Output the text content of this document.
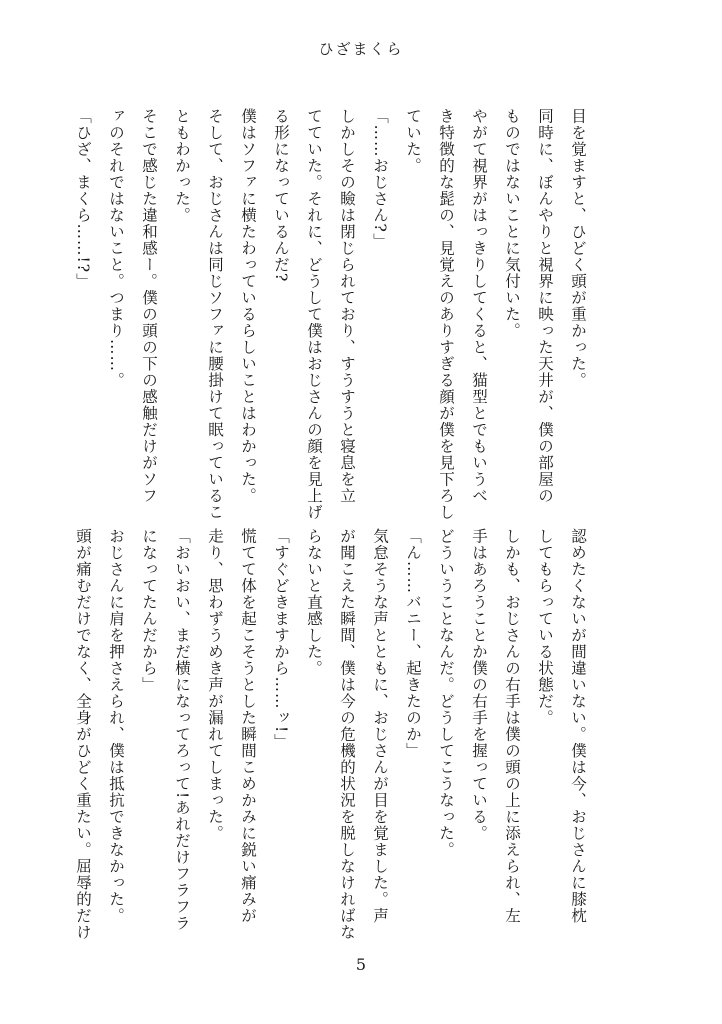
ひざまくら

目を覚ますと、ひどく頭が重かった。

同時に、ぼんやりと視界に映った天井が、僕の部屋の

ものではないことに気付いた。

やがて視界がはっきりしてくると、猫型とでもいうべ

き特徴的な髭の、見覚えのありすぎる顔が僕を見下ろし

ていた。

「……おじさん?」

しかしその瞼は閉じられており、すうすうと寝息を立

てていた。それに、どうして僕はおじさんの顔を見上げ

る形になっているんだ?

僕はソファに横たわっているらしいことはわかった。

そして、おじさんは同じソファに腰掛けて眠っているこ

ともわかった。

そこで感じた違和感ー。僕の頭の下の感触だけがソフ

ァのそれではないこと。つまり……。

「ひざ、まくら……!?」

認めたくないが間違いない。僕は今、おじさんに膝枕

してもらっている状態だ。

しかも、おじさんの右手は僕の頭の上に添えられ、左

手はあろうことか僕の右手を握っている。

どういうことなんだ。どうしてこうなった。

「ん……バニー、起きたのか」

気怠そうな声とともに、おじさんが目を覚ました。声

が聞こえた瞬間、僕は今の危機的状況を脱しなければな

らないと直感した。

「すぐどきますから……ッ!」

慌てて体を起こそうとした瞬間こめかみに鋭い痛みが

走り、思わずうめき声が漏れてしまった。

「おいおい、まだ横になってろって!あれだけフラフラ

になってたんだから」

おじさんに肩を押さえられ、僕は抵抗できなかった。

頭が痛むだけでなく、全身がひどく重たい。屈辱的だけ

5
